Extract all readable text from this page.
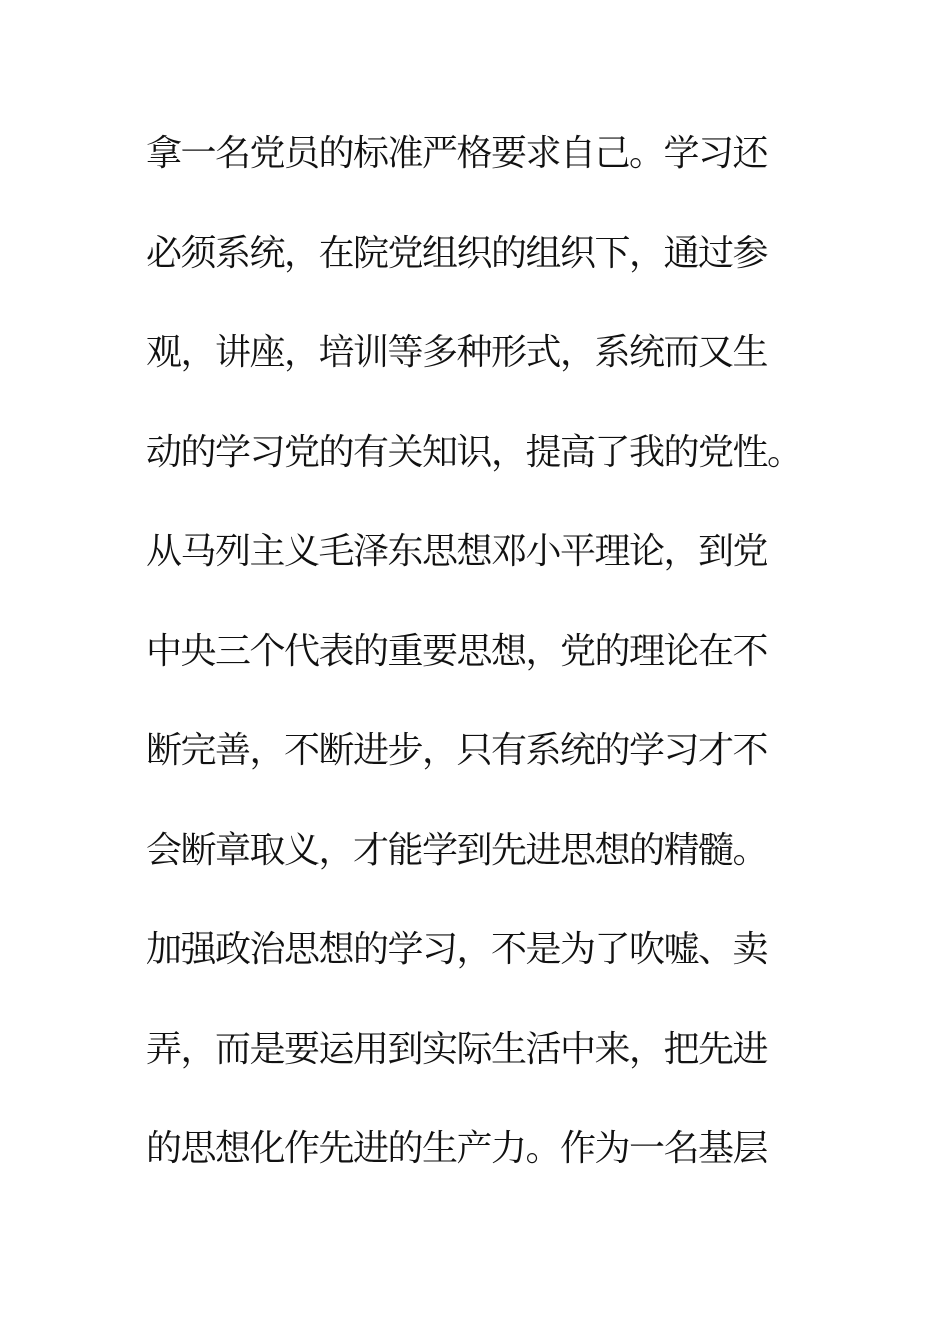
拿一名党员的标准严格要求自己。学习还
必须系统，在院党组织的组织下，通过参
观，讲座，培训等多种形式，系统而又生
动的学习党的有关知识，提高了我的党性。
从马列主义毛泽东思想邓小平理论，到党
中央三个代表的重要思想，党的理论在不
断完善，不断进步，只有系统的学习才不
会断章取义，才能学到先进思想的精髓。
加强政治思想的学习，不是为了吹嘘、卖
弄，而是要运用到实际生活中来，把先进
的思想化作先进的生产力。作为一名基层
